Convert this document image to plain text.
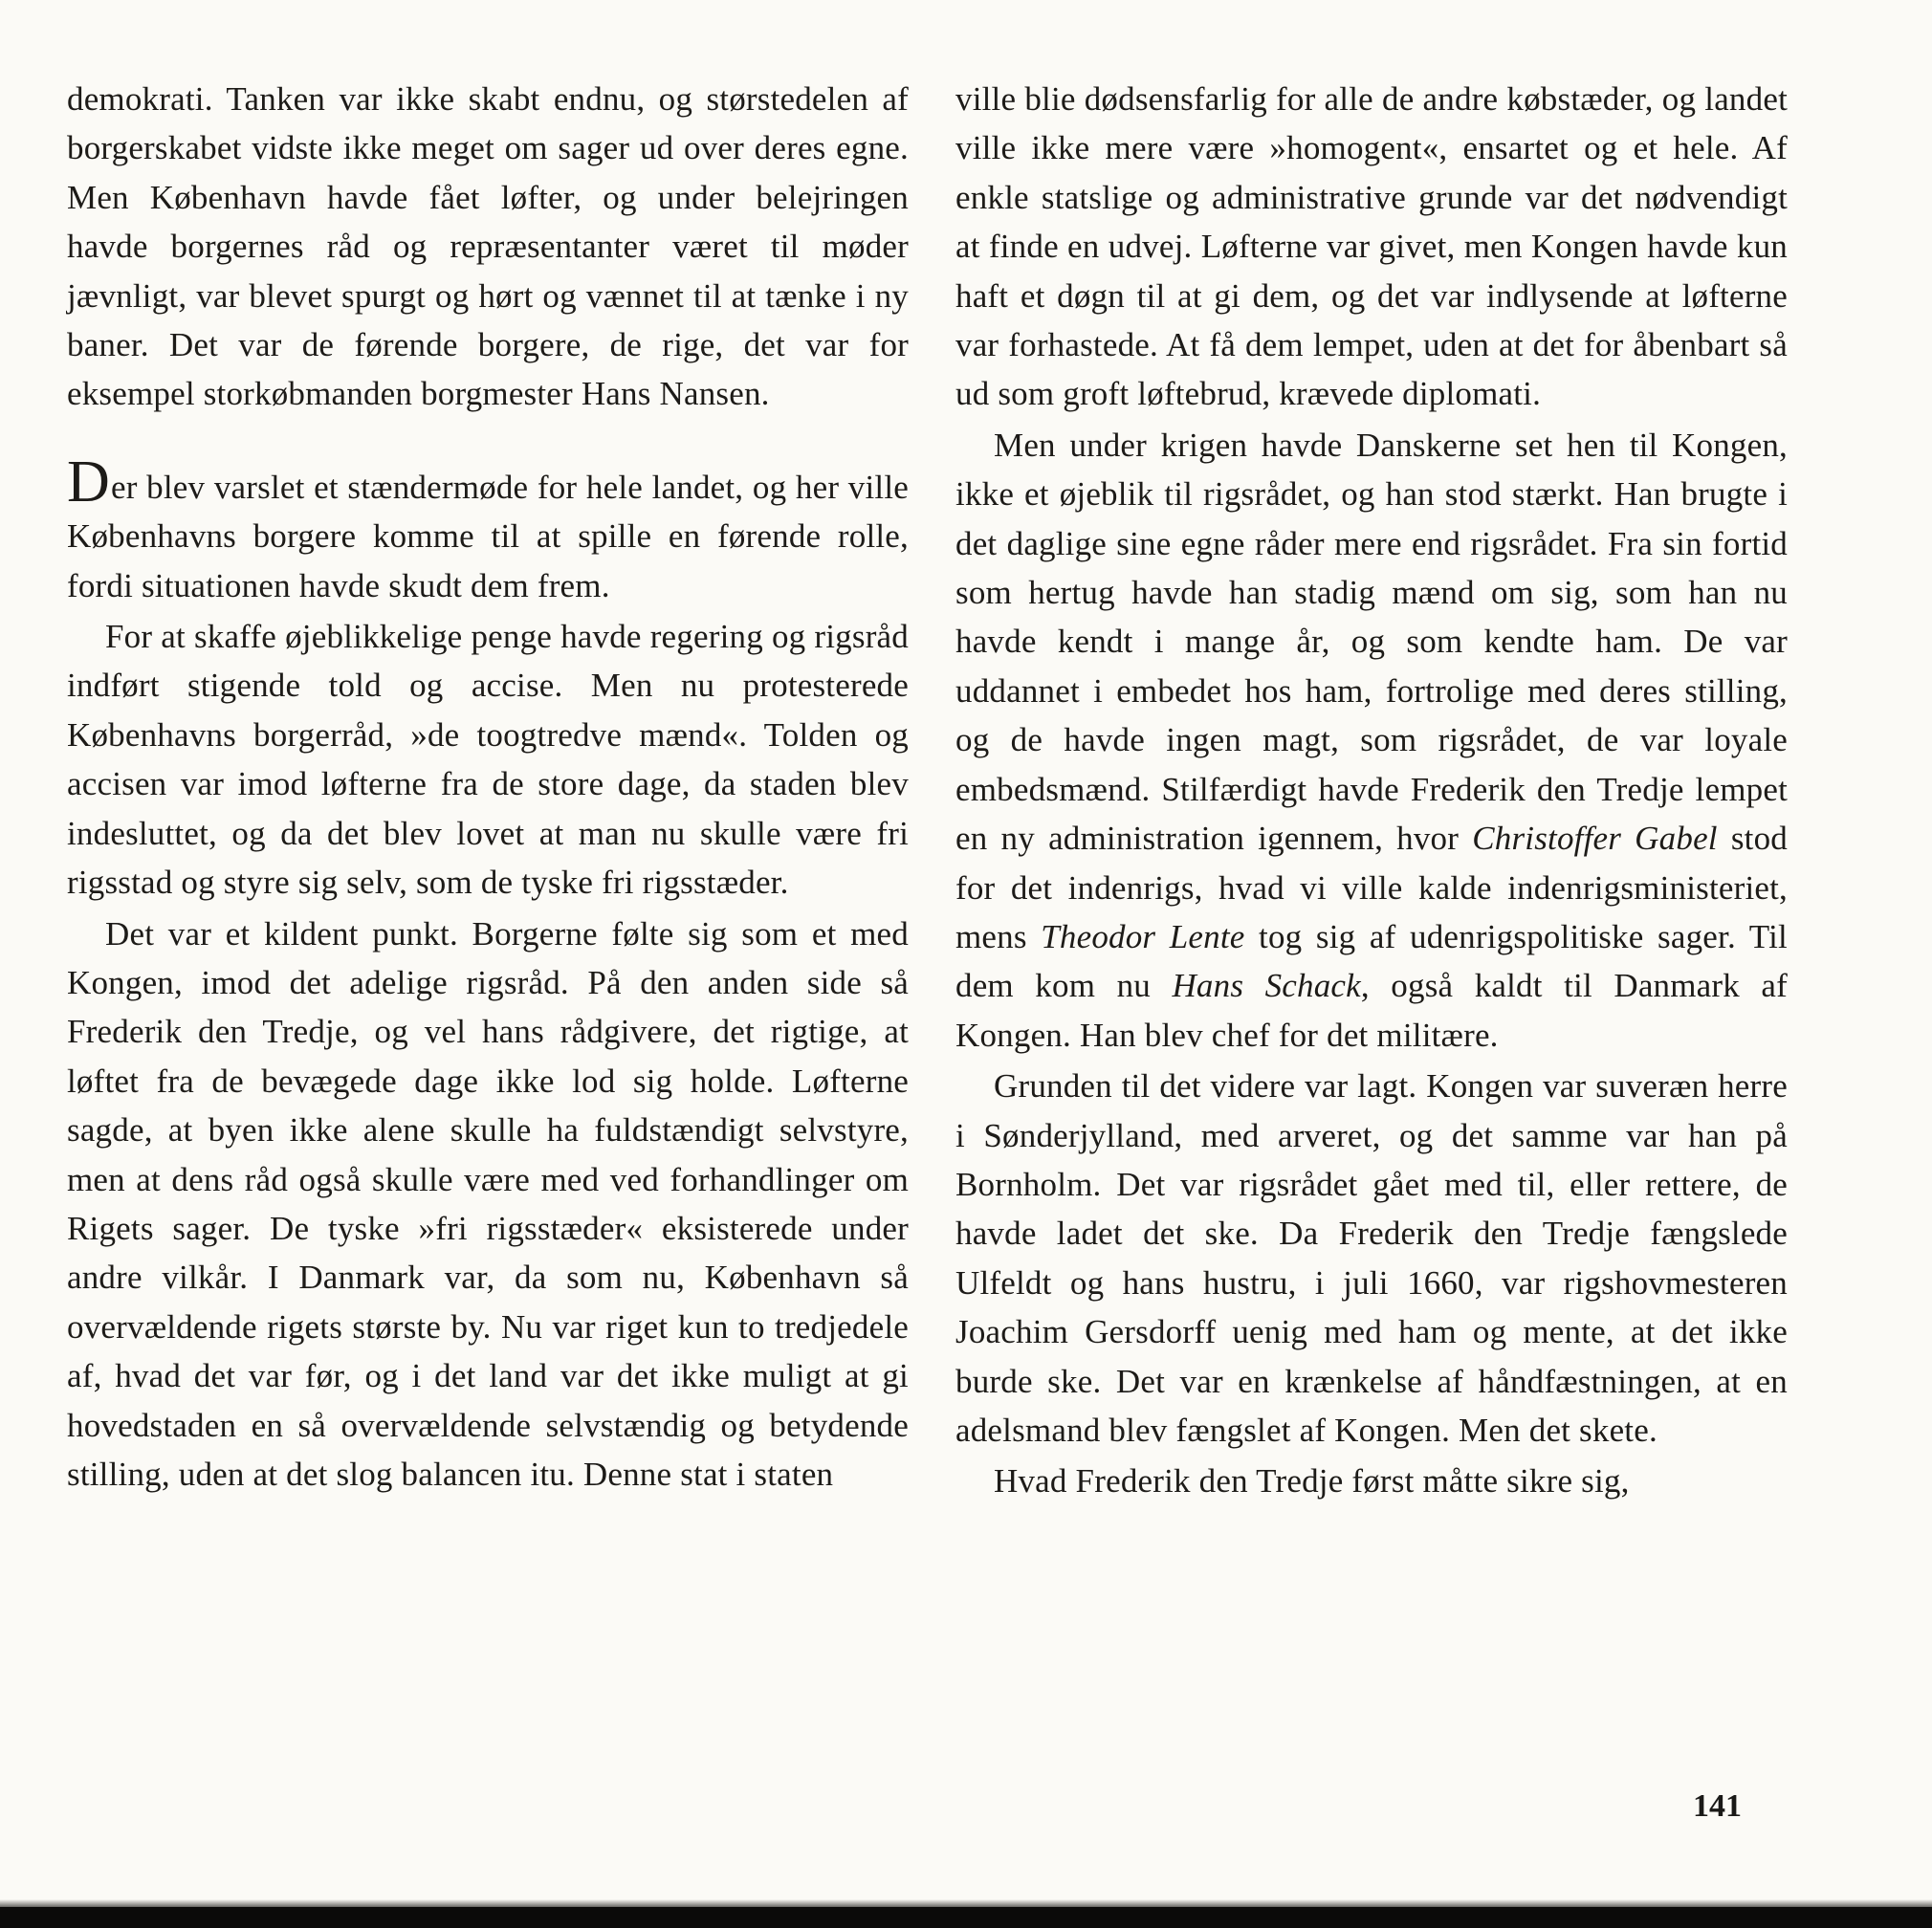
demokrati. Tanken var ikke skabt endnu, og størstedelen af borgerskabet vidste ikke meget om sager ud over deres egne. Men København havde fået løfter, og under belejringen havde borgernes råd og repræsentanter været til møder jævnligt, var blevet spurgt og hørt og vænnet til at tænke i ny baner. Det var de førende borgere, de rige, det var for eksempel storkøbmanden borgmester Hans Nansen.

Der blev varslet et stændermøde for hele landet, og her ville Københavns borgere komme til at spille en førende rolle, fordi situationen havde skudt dem frem.

For at skaffe øjeblikkelige penge havde regering og rigsråd indført stigende told og accise. Men nu protesterede Københavns borgerråd, »de toogtredve mænd«. Tolden og accisen var imod løfterne fra de store dage, da staden blev indesluttet, og da det blev lovet at man nu skulle være fri rigsstad og styre sig selv, som de tyske fri rigsstæder.

Det var et kildent punkt. Borgerne følte sig som et med Kongen, imod det adelige rigsråd. På den anden side så Frederik den Tredje, og vel hans rådgivere, det rigtige, at løftet fra de bevægede dage ikke lod sig holde. Løfterne sagde, at byen ikke alene skulle ha fuldstændigt selvstyre, men at dens råd også skulle være med ved forhandlinger om Rigets sager. De tyske »fri rigsstæder« eksisterede under andre vilkår. I Danmark var, da som nu, København så overvældende rigets største by. Nu var riget kun to tredjedele af, hvad det var før, og i det land var det ikke muligt at gi hovedstaden en så overvældende selvstændig og betydende stilling, uden at det slog balancen itu. Denne stat i staten

ville blie dødsensfarlig for alle de andre købstæder, og landet ville ikke mere være »homogent«, ensartet og et hele. Af enkle statslige og administrative grunde var det nødvendigt at finde en udvej. Løfterne var givet, men Kongen havde kun haft et døgn til at gi dem, og det var indlysende at løfterne var forhastede. At få dem lempet, uden at det for åbenbart så ud som groft løftebrud, krævede diplomati.

Men under krigen havde Danskerne set hen til Kongen, ikke et øjeblik til rigsrådet, og han stod stærkt. Han brugte i det daglige sine egne råder mere end rigsrådet. Fra sin fortid som hertug havde han stadig mænd om sig, som han nu havde kendt i mange år, og som kendte ham. De var uddannet i embedet hos ham, fortrolige med deres stilling, og de havde ingen magt, som rigsrådet, de var loyale embedsmænd. Stilfærdigt havde Frederik den Tredje lempet en ny administration igennem, hvor Christoffer Gabel stod for det indenrigs, hvad vi ville kalde indenrigsministeriet, mens Theodor Lente tog sig af udenrigspolitiske sager. Til dem kom nu Hans Schack, også kaldt til Danmark af Kongen. Han blev chef for det militære.

Grunden til det videre var lagt. Kongen var suveræn herre i Sønderjylland, med arveret, og det samme var han på Bornholm. Det var rigsrådet gået med til, eller rettere, de havde ladet det ske. Da Frederik den Tredje fængslede Ulfeldt og hans hustru, i juli 1660, var rigshovmesteren Joachim Gersdorff uenig med ham og mente, at det ikke burde ske. Det var en krænkelse af håndfæstningen, at en adelsmand blev fængslet af Kongen. Men det skete.

Hvad Frederik den Tredje først måtte sikre sig,

141
